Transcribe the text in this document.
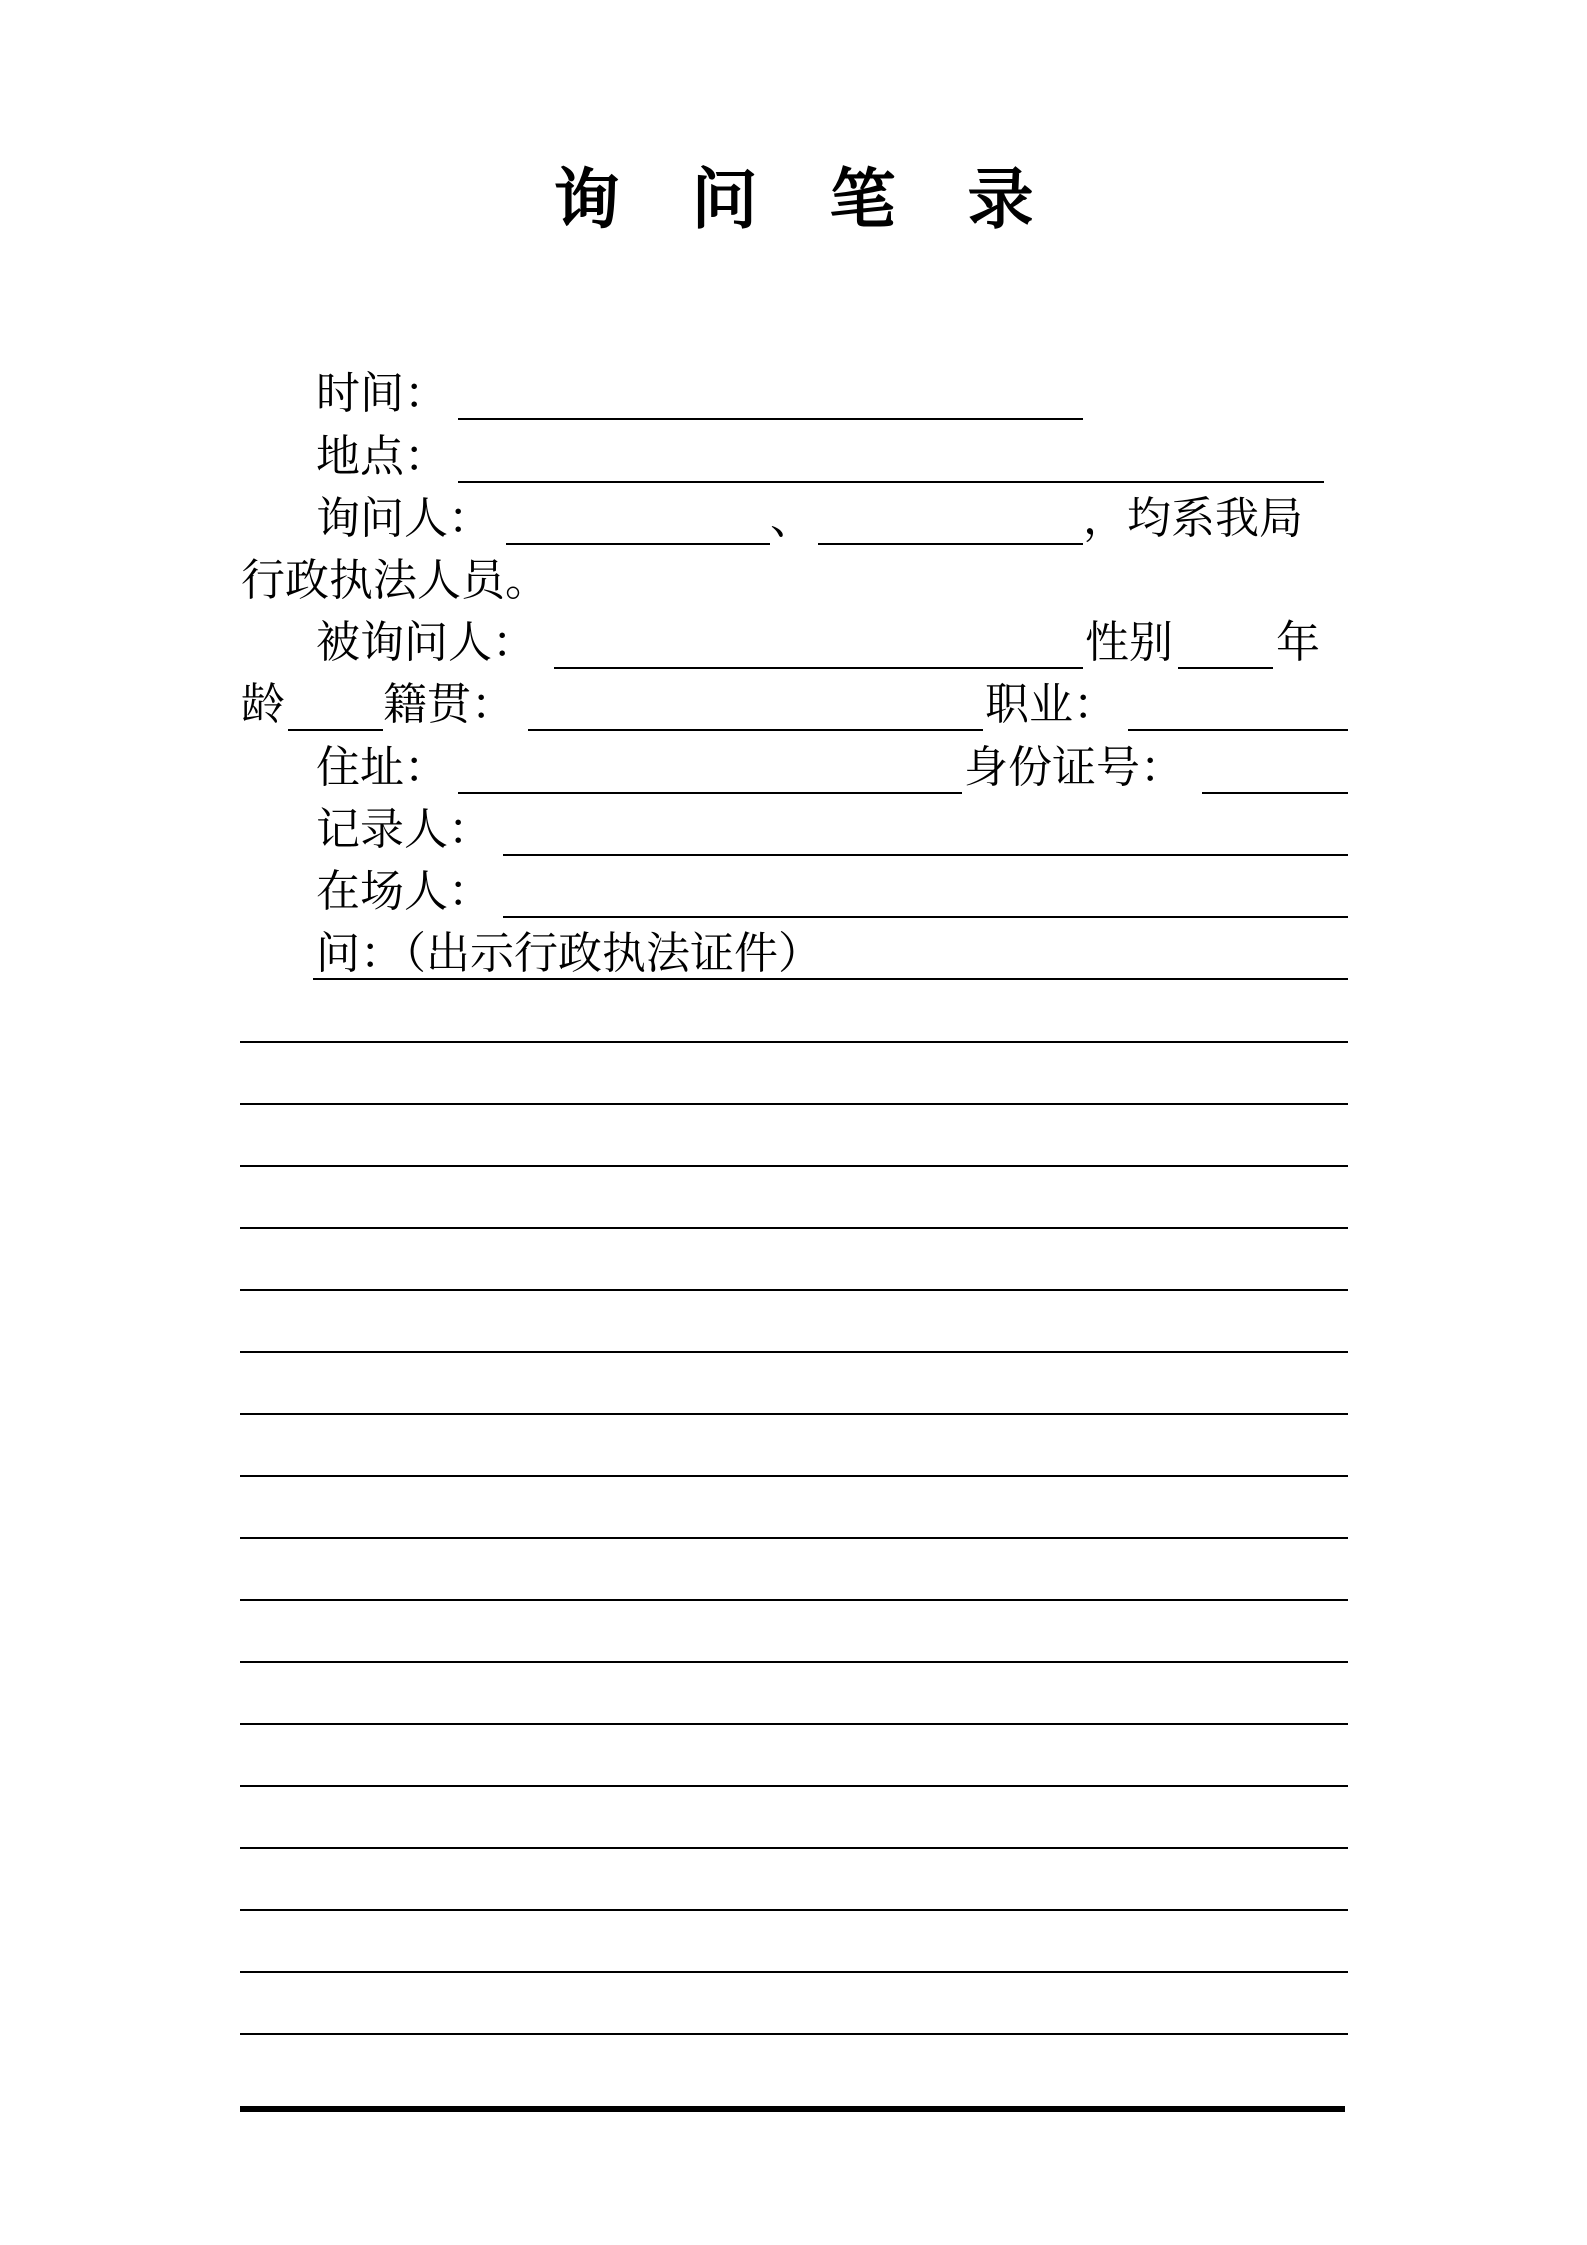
询 问 笔 录
时间：
地点：
询问人：	、	，均系我局
行政执法人员。
被询问人：	性别 年
龄 籍贯：	职业：
住址：	身份证号：
记录人：
在场人：
问：（出示行政执法证件）
